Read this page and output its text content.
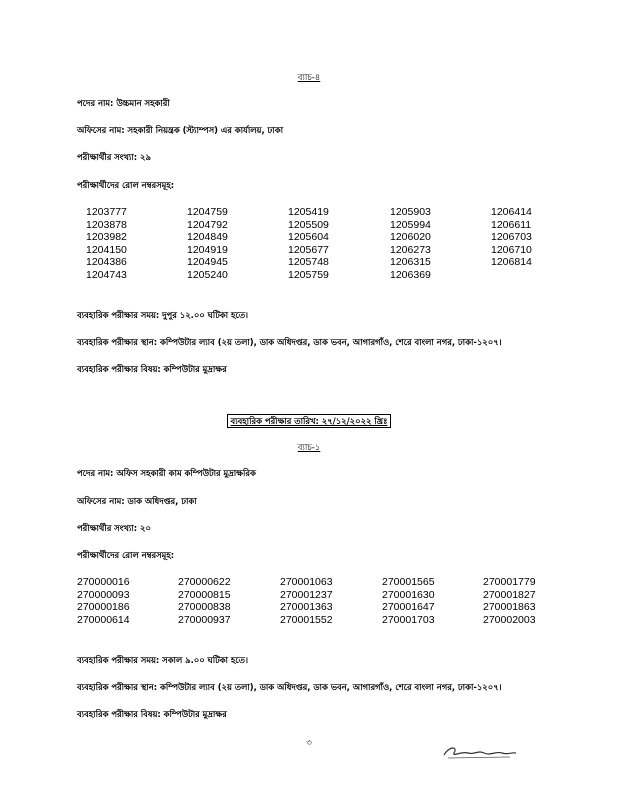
ব্যাচ-৪
পদের নাম: উচ্চমান সহকারী
অফিসের নাম: সহকারী নিয়ন্ত্রক (স্ট্যাম্পস) এর কার্যালয়, ঢাকা
পরীক্ষার্থীর সংখ্যা: ২৯
পরীক্ষার্থীদের রোল নম্বরসমূহ:
1203777	1204759	1205419	1205903	1206414
1203878	1204792	1205509	1205994	1206611
1203982	1204849	1205604	1206020	1206703
1204150	1204919	1205677	1206273	1206710
1204386	1204945	1205748	1206315	1206814
1204743	1205240	1205759	1206369
ব্যবহারিক পরীক্ষার সময়: দুপুর ১২.০০ ঘটিকা হতে।
ব্যবহারিক পরীক্ষার স্থান: কম্পিউটার ল্যাব (২য় তলা), ডাক অধিদপ্তর, ডাক ভবন, আগারগাঁও, শেরে বাংলা নগর, ঢাকা-১২০৭।
ব্যবহারিক পরীক্ষার বিষয়: কম্পিউটার মুদ্রাক্ষর
ব্যবহারিক পরীক্ষার তারিখ: ২৭/১২/২০২২ খ্রিঃ
ব্যাচ-১
পদের নাম: অফিস সহকারী কাম কম্পিউটার মুদ্রাক্ষরিক
অফিসের নাম: ডাক অধিদপ্তর, ঢাকা
পরীক্ষার্থীর সংখ্যা: ২০
পরীক্ষার্থীদের রোল নম্বরসমূহ:
270000016	270000622	270001063	270001565	270001779
270000093	270000815	270001237	270001630	270001827
270000186	270000838	270001363	270001647	270001863
270000614	270000937	270001552	270001703	270002003
ব্যবহারিক পরীক্ষার সময়: সকাল ৯.০০ ঘটিকা হতে।
ব্যবহারিক পরীক্ষার স্থান: কম্পিউটার ল্যাব (২য় তলা), ডাক অধিদপ্তর, ডাক ভবন, আগারগাঁও, শেরে বাংলা নগর, ঢাকা-১২০৭।
ব্যবহারিক পরীক্ষার বিষয়: কম্পিউটার মুদ্রাক্ষর
৩
